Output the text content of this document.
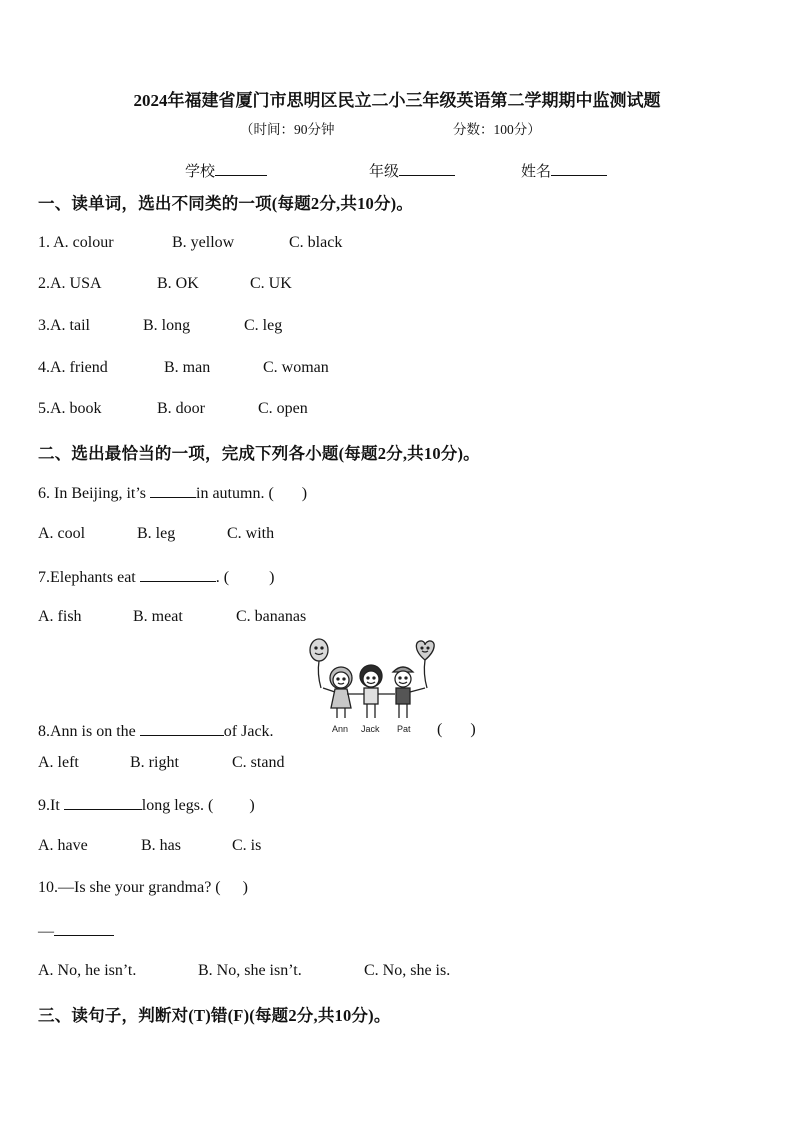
2024年福建省厦门市思明区民立二小三年级英语第二学期期中监测试题
（时间：90分钟	分数：100分）
学校	年级	姓名
一、读单词，选出不同类的一项(每题2分,共10分)。
1. A. colour	B. yellow	C. black
2.A. USA	B. OK	C. UK
3.A. tail	B. long	C. leg
4.A. friend	B. man	C. woman
5.A. book	B. door	C. open
二、选出最恰当的一项，完成下列各小题(每题2分,共10分)。
6. In Beijing, it’s	in autumn. ( )
A. cool	B. leg	C. with
7.Elephants eat	. (	)
A. fish	B. meat	C. bananas
Ann Jack Pat
8.Ann is on the	of Jack.	( )
A. left	B. right	C. stand
9.It	long legs. ( )
A. have	B. has	C. is
10.—Is she your grandma? ( )
—
A. No, he isn’t.	B. No, she isn’t.	C. No, she is.
三、读句子，判断对(T)错(F)(每题2分,共10分)。
